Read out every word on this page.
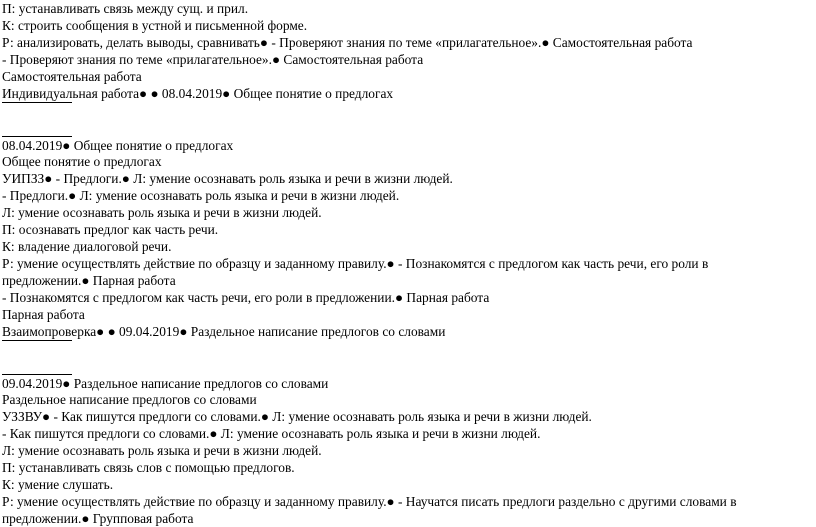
П: устанавливать связь между сущ. и прил.
К: строить сообщения в устной и письменной форме.
Р: анализировать, делать выводы, сравнивать● - Проверяют знания по теме «прилагательное».● Самостоятельная работа
- Проверяют знания по теме «прилагательное».● Самостоятельная работа
Самостоятельная работа
Индивидуальная работа● ● 08.04.2019● Общее понятие о предлогах
08.04.2019● Общее понятие о предлогах
Общее понятие о предлогах
УИПЗЗ● - Предлоги.● Л: умение осознавать роль языка и речи в жизни людей.
- Предлоги.● Л: умение осознавать роль языка и речи в жизни людей.
Л: умение осознавать роль языка и речи в жизни людей.
П: осознавать предлог как часть речи.
К: владение диалоговой речи.
Р: умение осуществлять действие по образцу и заданному правилу.● - Познакомятся с предлогом как часть речи, его роли в предложении.● Парная работа
- Познакомятся с предлогом как часть речи, его роли в предложении.● Парная работа
Парная работа
Взаимопроверка● ● 09.04.2019● Раздельное написание предлогов со словами
09.04.2019● Раздельное написание предлогов со словами
Раздельное написание предлогов со словами
УЗЗВУ● - Как пишутся предлоги со словами.● Л: умение осознавать роль языка и речи в жизни людей.
- Как пишутся предлоги со словами.● Л: умение осознавать роль языка и речи в жизни людей.
Л: умение осознавать роль языка и речи в жизни людей.
П: устанавливать связь слов с помощью предлогов.
К: умение слушать.
Р: умение осуществлять действие по образцу и заданному правилу.● - Научатся писать предлоги раздельно с другими словами в предложении.● Групповая работа
